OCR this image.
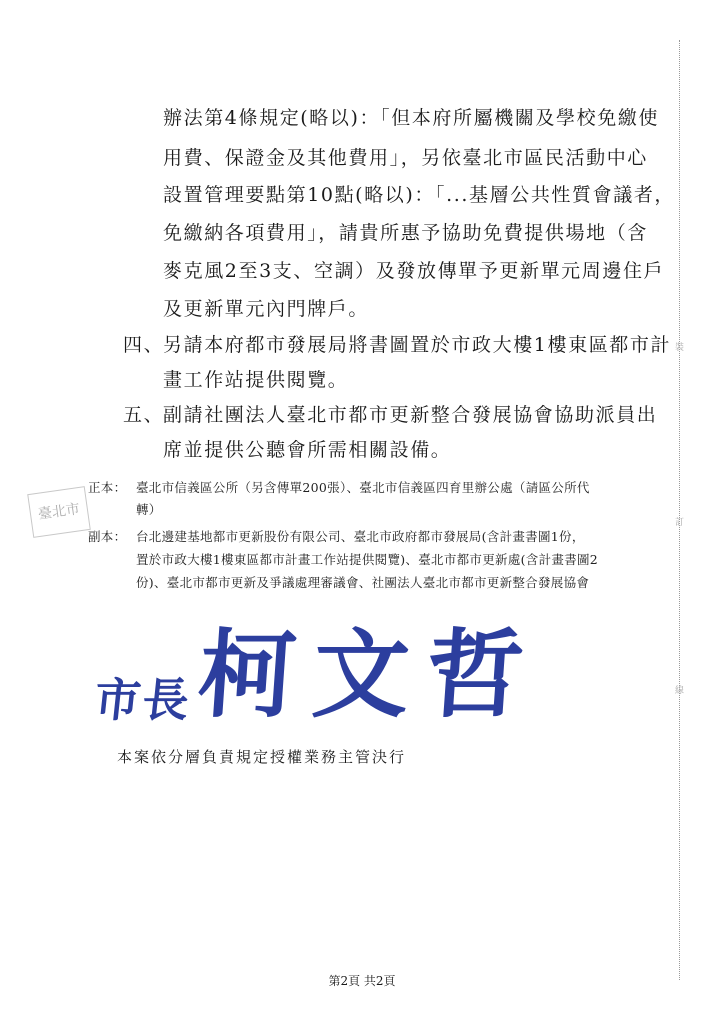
裝
訂
線
辦法第4條規定(略以)：「但本府所屬機關及學校免繳使
用費、保證金及其他費用」，另依臺北市區民活動中心
設置管理要點第10點(略以)：「...基層公共性質會議者，
免繳納各項費用」，請貴所惠予協助免費提供場地（含
麥克風2至3支、空調）及發放傳單予更新單元周邊住戶
及更新單元內門牌戶。
四、
另請本府都市發展局將書圖置於市政大樓1樓東區都市計
畫工作站提供閱覽。
五、
副請社團法人臺北市都市更新整合發展協會協助派員出
席並提供公聽會所需相關設備。
正本： 臺北市信義區公所（另含傳單200張）、臺北市信義區四育里辦公處（請區公所代
轉）
副本： 台北邊建基地都市更新股份有限公司、臺北市政府都市發展局(含計畫書圖1份，
置於市政大樓1樓東區都市計畫工作站提供閱覽)、臺北市都市更新處(含計畫書圖2
份)、臺北市都市更新及爭議處理審議會、社團法人臺北市都市更新整合發展協會
臺北市
市長 柯文哲
本案依分層負責規定授權業務主管決行
第2頁 共2頁
